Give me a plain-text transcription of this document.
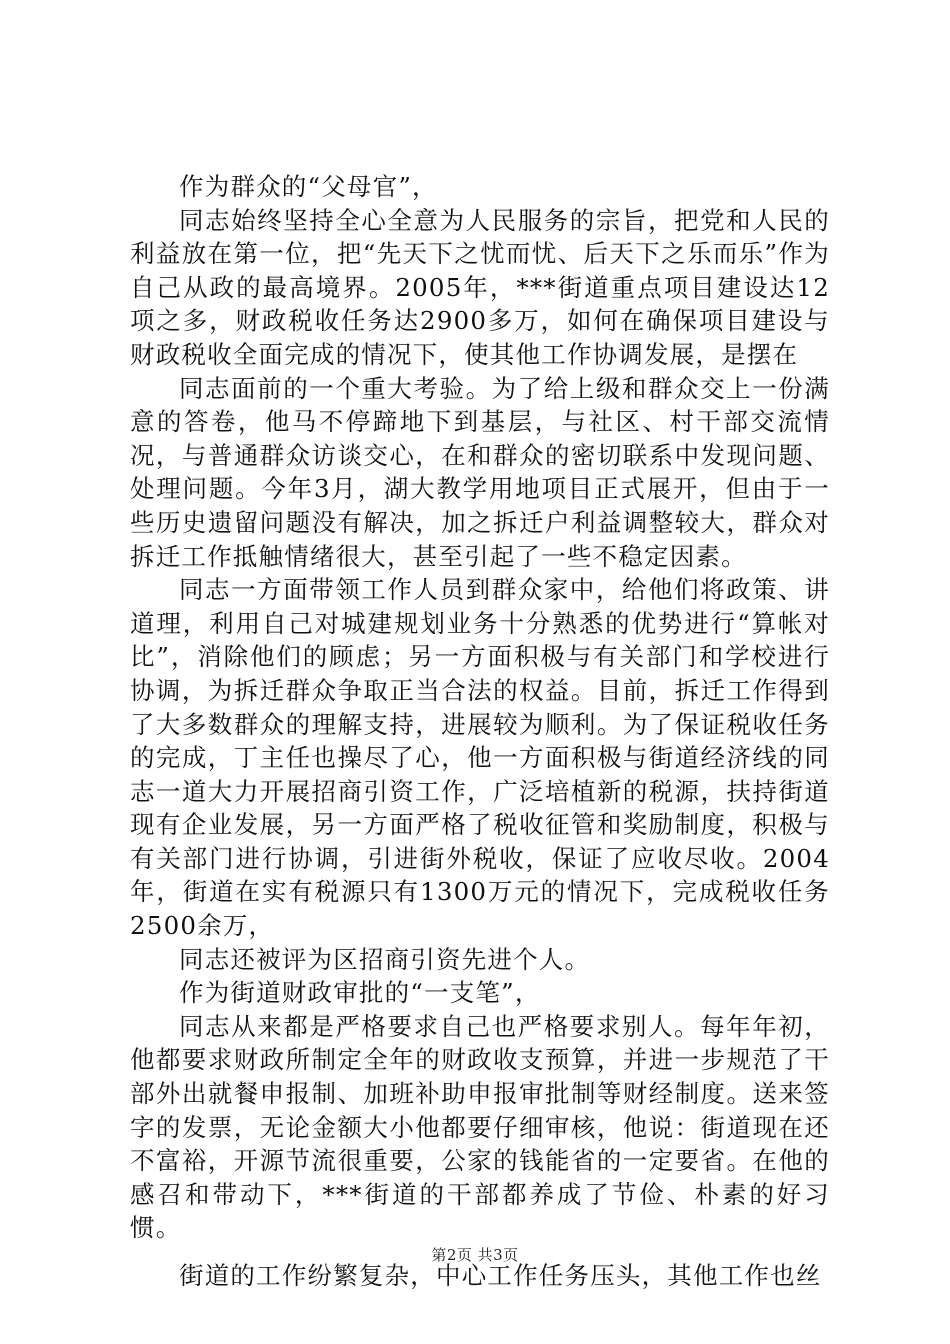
作为群众的“父母官”，

同志始终坚持全心全意为人民服务的宗旨，把党和人民的利益放在第一位，把“先天下之忧而忧、后天下之乐而乐”作为自己从政的最高境界。2005年，***街道重点项目建设达12项之多，财政税收任务达2900多万，如何在确保项目建设与财政税收全面完成的情况下，使其他工作协调发展，是摆在

同志面前的一个重大考验。为了给上级和群众交上一份满意的答卷，他马不停蹄地下到基层，与社区、村干部交流情况，与普通群众访谈交心，在和群众的密切联系中发现问题、处理问题。今年3月，湖大教学用地项目正式展开，但由于一些历史遗留问题没有解决，加之拆迁户利益调整较大，群众对拆迁工作抵触情绪很大，甚至引起了一些不稳定因素。

同志一方面带领工作人员到群众家中，给他们将政策、讲道理，利用自己对城建规划业务十分熟悉的优势进行“算帐对比”，消除他们的顾虑；另一方面积极与有关部门和学校进行协调，为拆迁群众争取正当合法的权益。目前，拆迁工作得到了大多数群众的理解支持，进展较为顺利。为了保证税收任务的完成，丁主任也操尽了心，他一方面积极与街道经济线的同志一道大力开展招商引资工作，广泛培植新的税源，扶持街道现有企业发展，另一方面严格了税收征管和奖励制度，积极与有关部门进行协调，引进街外税收，保证了应收尽收。2004年，街道在实有税源只有1300万元的情况下，完成税收任务2500余万，

同志还被评为区招商引资先进个人。

作为街道财政审批的“一支笔”，

同志从来都是严格要求自己也严格要求别人。每年年初，他都要求财政所制定全年的财政收支预算，并进一步规范了干部外出就餐申报制、加班补助申报审批制等财经制度。送来签字的发票，无论金额大小他都要仔细审核，他说：街道现在还不富裕，开源节流很重要，公家的钱能省的一定要省。在他的感召和带动下，***街道的干部都养成了节俭、朴素的好习惯。

街道的工作纷繁复杂，中心工作任务压头，其他工作也丝

第2页 共3页
